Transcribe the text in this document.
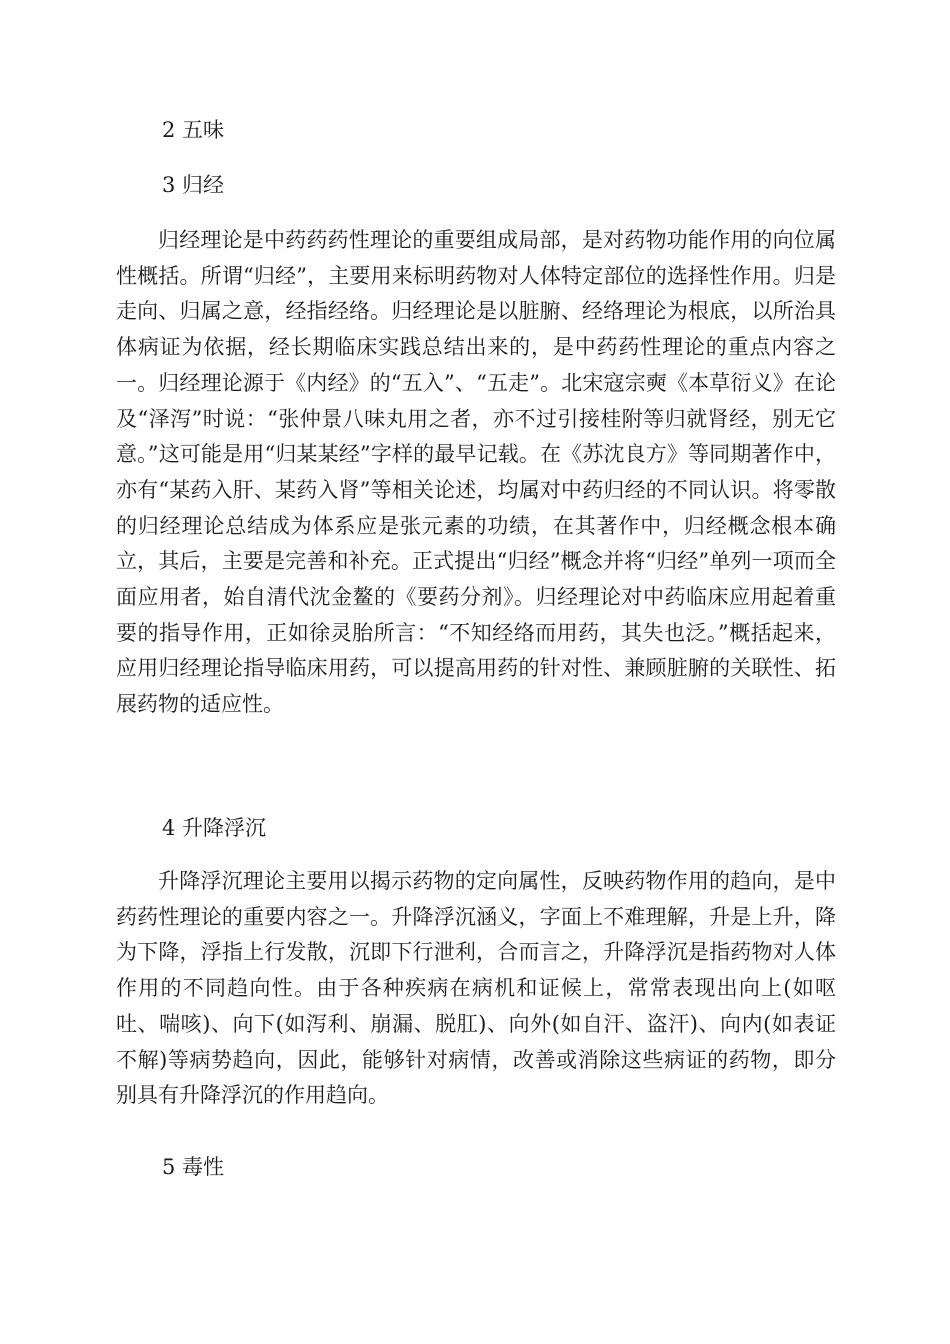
2 五味
3 归经

归经理论是中药药药性理论的重要组成局部，是对药物功能作用的向位属性概括。所谓“归经”，主要用来标明药物对人体特定部位的选择性作用。归是走向、归属之意，经指经络。归经理论是以脏腑、经络理论为根底，以所治具体病证为依据，经长期临床实践总结出来的，是中药药性理论的重点内容之一。归经理论源于《内经》的“五入”、“五走”。北宋寇宗奭《本草衍义》在论及“泽泻”时说：“张仲景八味丸用之者，亦不过引接桂附等归就肾经，别无它意。”这可能是用“归某某经”字样的最早记载。在《苏沈良方》等同期著作中，亦有“某药入肝、某药入肾”等相关论述，均属对中药归经的不同认识。将零散的归经理论总结成为体系应是张元素的功绩，在其著作中，归经概念根本确立，其后，主要是完善和补充。正式提出“归经”概念并将“归经”单列一项而全面应用者，始自清代沈金鳌的《要药分剂》。归经理论对中药临床应用起着重要的指导作用，正如徐灵胎所言：“不知经络而用药，其失也泛。”概括起来，应用归经理论指导临床用药，可以提高用药的针对性、兼顾脏腑的关联性、拓展药物的适应性。

4 升降浮沉

升降浮沉理论主要用以揭示药物的定向属性，反映药物作用的趋向，是中药药性理论的重要内容之一。升降浮沉涵义，字面上不难理解，升是上升，降为下降，浮指上行发散，沉即下行泄利，合而言之，升降浮沉是指药物对人体作用的不同趋向性。由于各种疾病在病机和证候上，常常表现出向上(如呕吐、喘咳)、向下(如泻利、崩漏、脱肛)、向外(如自汗、盗汗)、向内(如表证不解)等病势趋向，因此，能够针对病情，改善或消除这些病证的药物，即分别具有升降浮沉的作用趋向。

5 毒性
